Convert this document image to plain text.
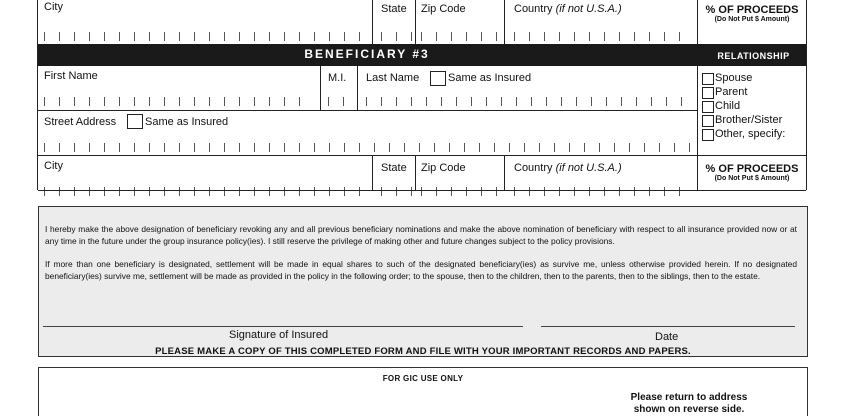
City	State Zip Code	Country (if not U.S.A.)	% OF PROCEEDS
(Do Not Put $ Amount)
BENEFICIARY #3	RELATIONSHIP
First Name	M.I. Last Name	Same as Insured
Street Address	Same as Insured
City	State Zip Code	Country (if not U.S.A.)	% OF PROCEEDS
(Do Not Put $ Amount)
Spouse
Parent
Child
Brother/Sister
Other, specify:

I hereby make the above designation of beneficiary revoking any and all previous beneficiary nominations and make the above nomination of beneficiary with respect to all insurance provided now or at any time in the future under the group insurance policy(ies). I still reserve the privilege of making other and future changes subject to the policy provisions.

If more than one beneficiary is designated, settlement will be made in equal shares to such of the designated beneficiary(ies) as survive me, unless otherwise provided herein. If no designated beneficiary(ies) survive me, settlement will be made as provided in the policy in the following order; to the spouse, then to the children, then to the parents, then to the siblings, then to the estate.

Signature of Insured	Date
PLEASE MAKE A COPY OF THIS COMPLETED FORM AND FILE WITH YOUR IMPORTANT RECORDS AND PAPERS.
FOR GIC USE ONLY
Please return to address
shown on reverse side.
